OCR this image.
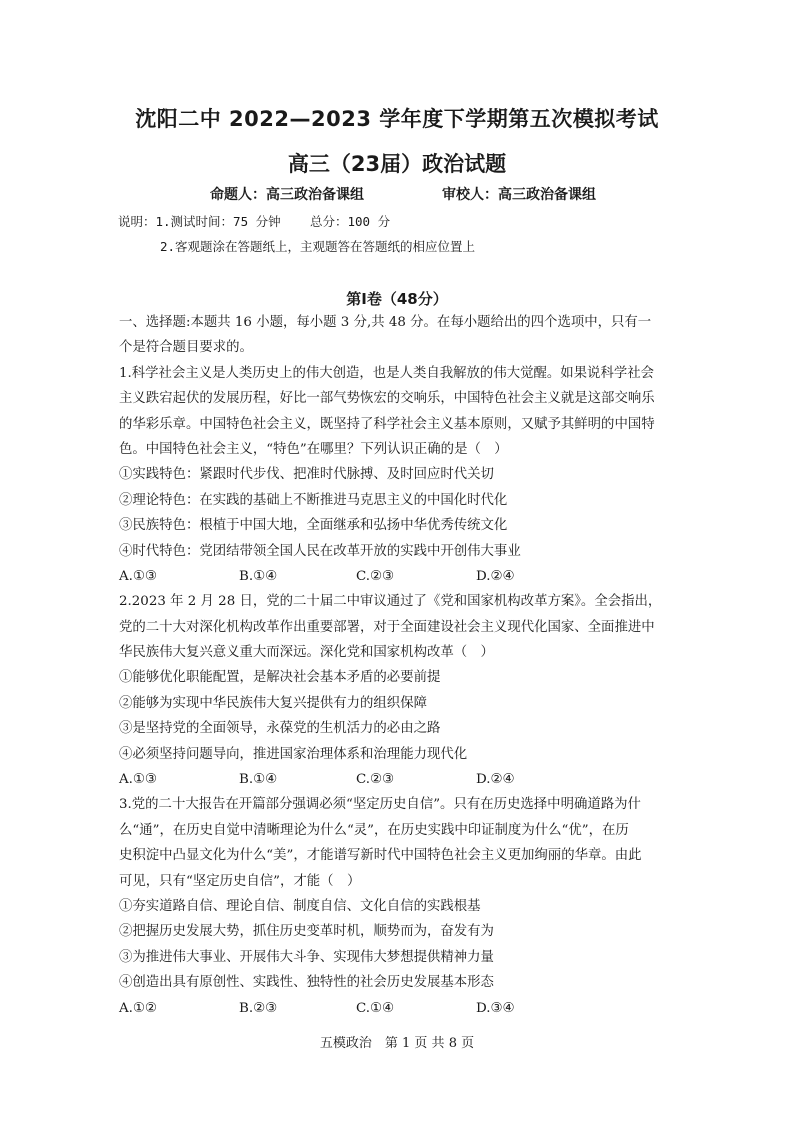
沈阳二中 2022—2023 学年度下学期第五次模拟考试
高三（23届）政治试题
命题人：高三政治备课组	审校人：高三政治备课组
说明：1.测试时间：75 分钟 总分：100 分
2.客观题涂在答题纸上，主观题答在答题纸的相应位置上
第Ⅰ卷（48分）
一、选择题:本题共 16 小题，每小题 3 分,共 48 分。在每小题给出的四个选项中，只有一
个是符合题目要求的。
1.科学社会主义是人类历史上的伟大创造，也是人类自我解放的伟大觉醒。如果说科学社会
主义跌宕起伏的发展历程，好比一部气势恢宏的交响乐，中国特色社会主义就是这部交响乐
的华彩乐章。中国特色社会主义，既坚持了科学社会主义基本原则，又赋予其鲜明的中国特
色。中国特色社会主义，“特色”在哪里？下列认识正确的是（　）
①实践特色：紧跟时代步伐、把准时代脉搏、及时回应时代关切
②理论特色：在实践的基础上不断推进马克思主义的中国化时代化
③民族特色：根植于中国大地，全面继承和弘扬中华优秀传统文化
④时代特色：党团结带领全国人民在改革开放的实践中开创伟大事业
A.①③	B.①④	C.②③	D.②④
2.2023 年 2 月 28 日，党的二十届二中审议通过了《党和国家机构改革方案》。全会指出，
党的二十大对深化机构改革作出重要部署，对于全面建设社会主义现代化国家、全面推进中
华民族伟大复兴意义重大而深远。深化党和国家机构改革（　）
①能够优化职能配置，是解决社会基本矛盾的必要前提
②能够为实现中华民族伟大复兴提供有力的组织保障
③是坚持党的全面领导，永葆党的生机活力的必由之路
④必须坚持问题导向，推进国家治理体系和治理能力现代化
A.①③	B.①④	C.②③	D.②④
3.党的二十大报告在开篇部分强调必须“坚定历史自信”。只有在历史选择中明确道路为什
么“通”，在历史自觉中清晰理论为什么“灵”，在历史实践中印证制度为什么“优”，在历
史积淀中凸显文化为什么“美”，才能谱写新时代中国特色社会主义更加绚丽的华章。由此
可见，只有“坚定历史自信”，才能（　）
①夯实道路自信、理论自信、制度自信、文化自信的实践根基
②把握历史发展大势，抓住历史变革时机，顺势而为，奋发有为
③为推进伟大事业、开展伟大斗争、实现伟大梦想提供精神力量
④创造出具有原创性、实践性、独特性的社会历史发展基本形态
A.①②	B.②③	C.①④	D.③④
五模政治　第 1 页 共 8 页
